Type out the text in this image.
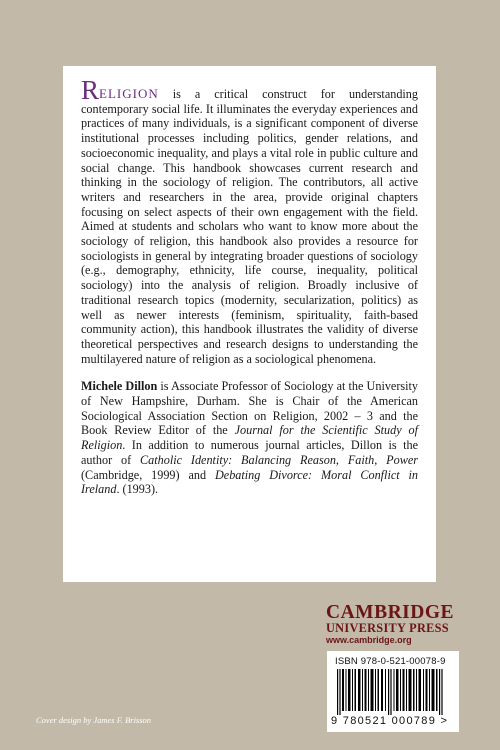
RELIGION is a critical construct for understanding contemporary social life. It illuminates the everyday experiences and practices of many individuals, is a significant component of diverse institutional processes including politics, gender relations, and socioeconomic inequality, and plays a vital role in public culture and social change. This handbook showcases current research and thinking in the sociology of religion. The contributors, all active writers and researchers in the area, provide original chapters focusing on select aspects of their own engagement with the field. Aimed at students and scholars who want to know more about the sociology of religion, this handbook also provides a resource for sociologists in general by integrating broader questions of sociology (e.g., demography, ethnicity, life course, inequality, political sociology) into the analysis of religion. Broadly inclusive of traditional research topics (modernity, secularization, politics) as well as newer interests (feminism, spirituality, faith-based community action), this handbook illustrates the validity of diverse theoretical perspectives and research designs to understanding the multilayered nature of religion as a sociological phenomena.

Michele Dillon is Associate Professor of Sociology at the University of New Hampshire, Durham. She is Chair of the American Sociological Association Section on Religion, 2002 – 3 and the Book Review Editor of the Journal for the Scientific Study of Religion. In addition to numerous journal articles, Dillon is the author of Catholic Identity: Balancing Reason, Faith, Power (Cambridge, 1999) and Debating Divorce: Moral Conflict in Ireland. (1993).

CAMBRIDGE
UNIVERSITY PRESS
www.cambridge.org
ISBN 978-0-521-00078-9
9 780521 000789 >
Cover design by James F. Brisson
